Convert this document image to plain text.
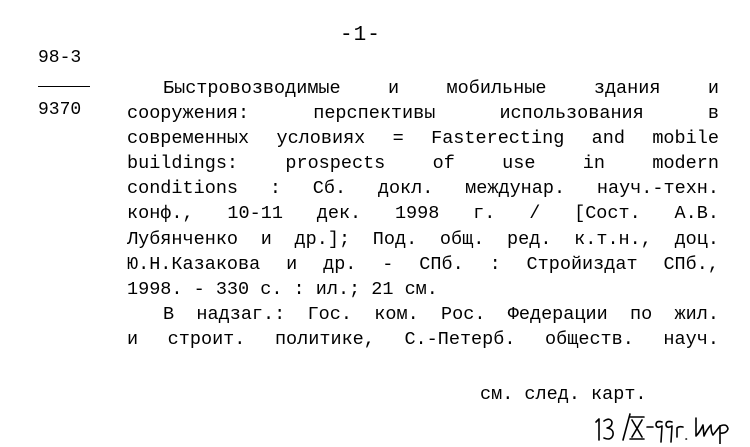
-1-
98-3
9370
Быстровозводимые	и	мобильные	здания	и
сооружения:	перспективы	использования	в
современных условиях = Fasterecting and mobile
buildings:	prospects	of	use	in	modern
conditions : Сб. докл. междунар. науч.-техн.
конф., 10-11 дек. 1998 г. / [Сост. А.В.
Лубянченко и др.]; Под. общ. ред. к.т.н., доц.
Ю.Н.Казакова и др. - СПб. : Стройиздат СПб.,
1998. - 330 с. : ил.; 21 см.
В надзаг.: Гос. ком. Рос. Федерации по жил.
и строит. политике, С.-Петерб. обществ. науч.
см. след. карт.
